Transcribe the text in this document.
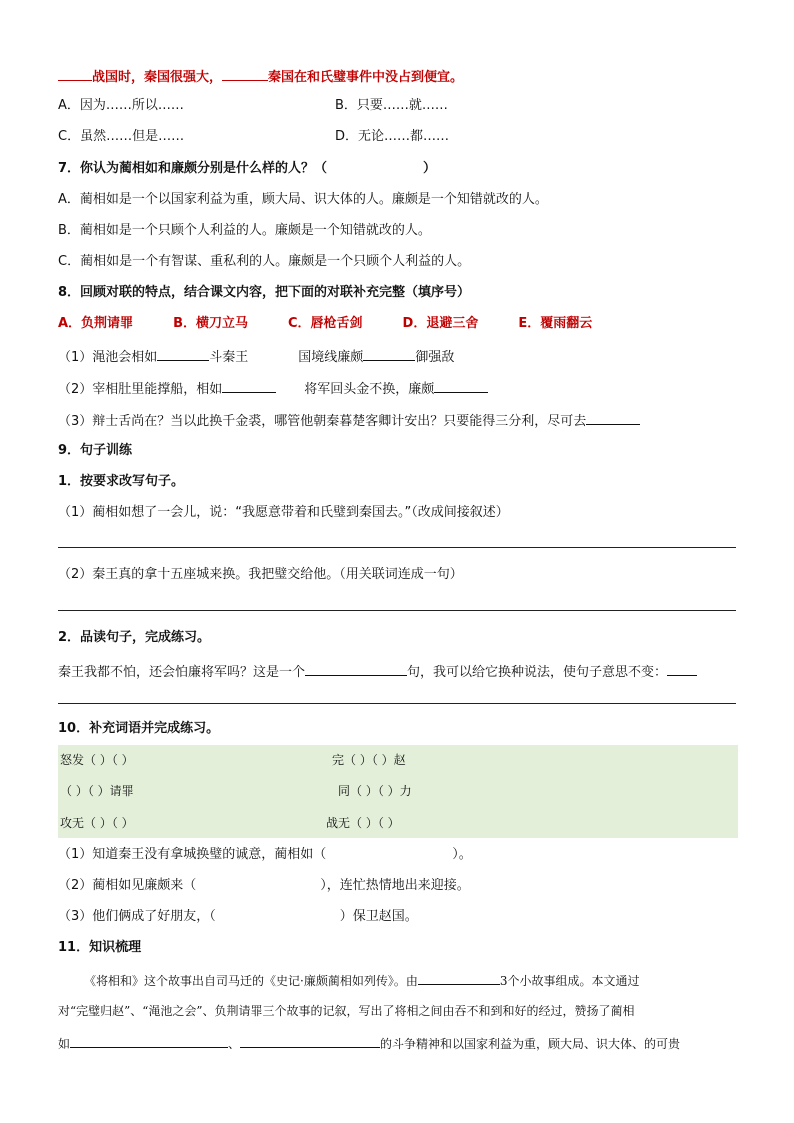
战国时，秦国很强大，	秦国在和氏璧事件中没占到便宜。
A．因为……所以……	B．只要……就……
C．虽然……但是……	D．无论……都……
7．你认为蔺相如和廉颇分别是什么样的人？（	）
A．蔺相如是一个以国家利益为重，顾大局、识大体的人。廉颇是一个知错就改的人。
B．蔺相如是一个只顾个人利益的人。廉颇是一个知错就改的人。
C．蔺相如是一个有智谋、重私利的人。廉颇是一个只顾个人利益的人。
8．回顾对联的特点，结合课文内容，把下面的对联补充完整（填序号）
A．负荆请罪	B．横刀立马	C．唇枪舌剑	D．退避三舍	E．覆雨翻云
（1）渑池会相如	斗秦王	国境线廉颇	御强敌
（2）宰相肚里能撑船，相如	将军回头金不换，廉颇
（3）辩士舌尚在？当以此换千金裘，哪管他朝秦暮楚客卿计安出？只要能得三分利，尽可去
9．句子训练
1．按要求改写句子。
（1）蔺相如想了一会儿，说：“我愿意带着和氏璧到秦国去。”（改成间接叙述）
（2）秦王真的拿十五座城来换。我把璧交给他。（用关联词连成一句）
2．品读句子，完成练习。
秦王我都不怕，还会怕廉将军吗？这是一个	句，我可以给它换种说法，使句子意思不变：
10．补充词语并完成练习。
怒发（ ）（ ）	完（ ）（ ）赵
（ ）（ ）请罪	同（ ）（ ）力
攻无（ ）（ ）	战无（ ）（ ）
（1）知道秦王没有拿城换璧的诚意，蔺相如（	）。
（2）蔺相如见廉颇来（	），连忙热情地出来迎接。
（3）他们俩成了好朋友，（	）保卫赵国。
11．知识梳理
《将相和》这个故事出自司马迁的《史记·廉颇蔺相如列传》。由	3个小故事组成。本文通过
对“完璧归赵”、“渑池之会”、负荆请罪三个故事的记叙，写出了将相之间由吞不和到和好的经过，赞扬了蔺相
如	、	的斗争精神和以国家利益为重，顾大局、识大体、的可贵
